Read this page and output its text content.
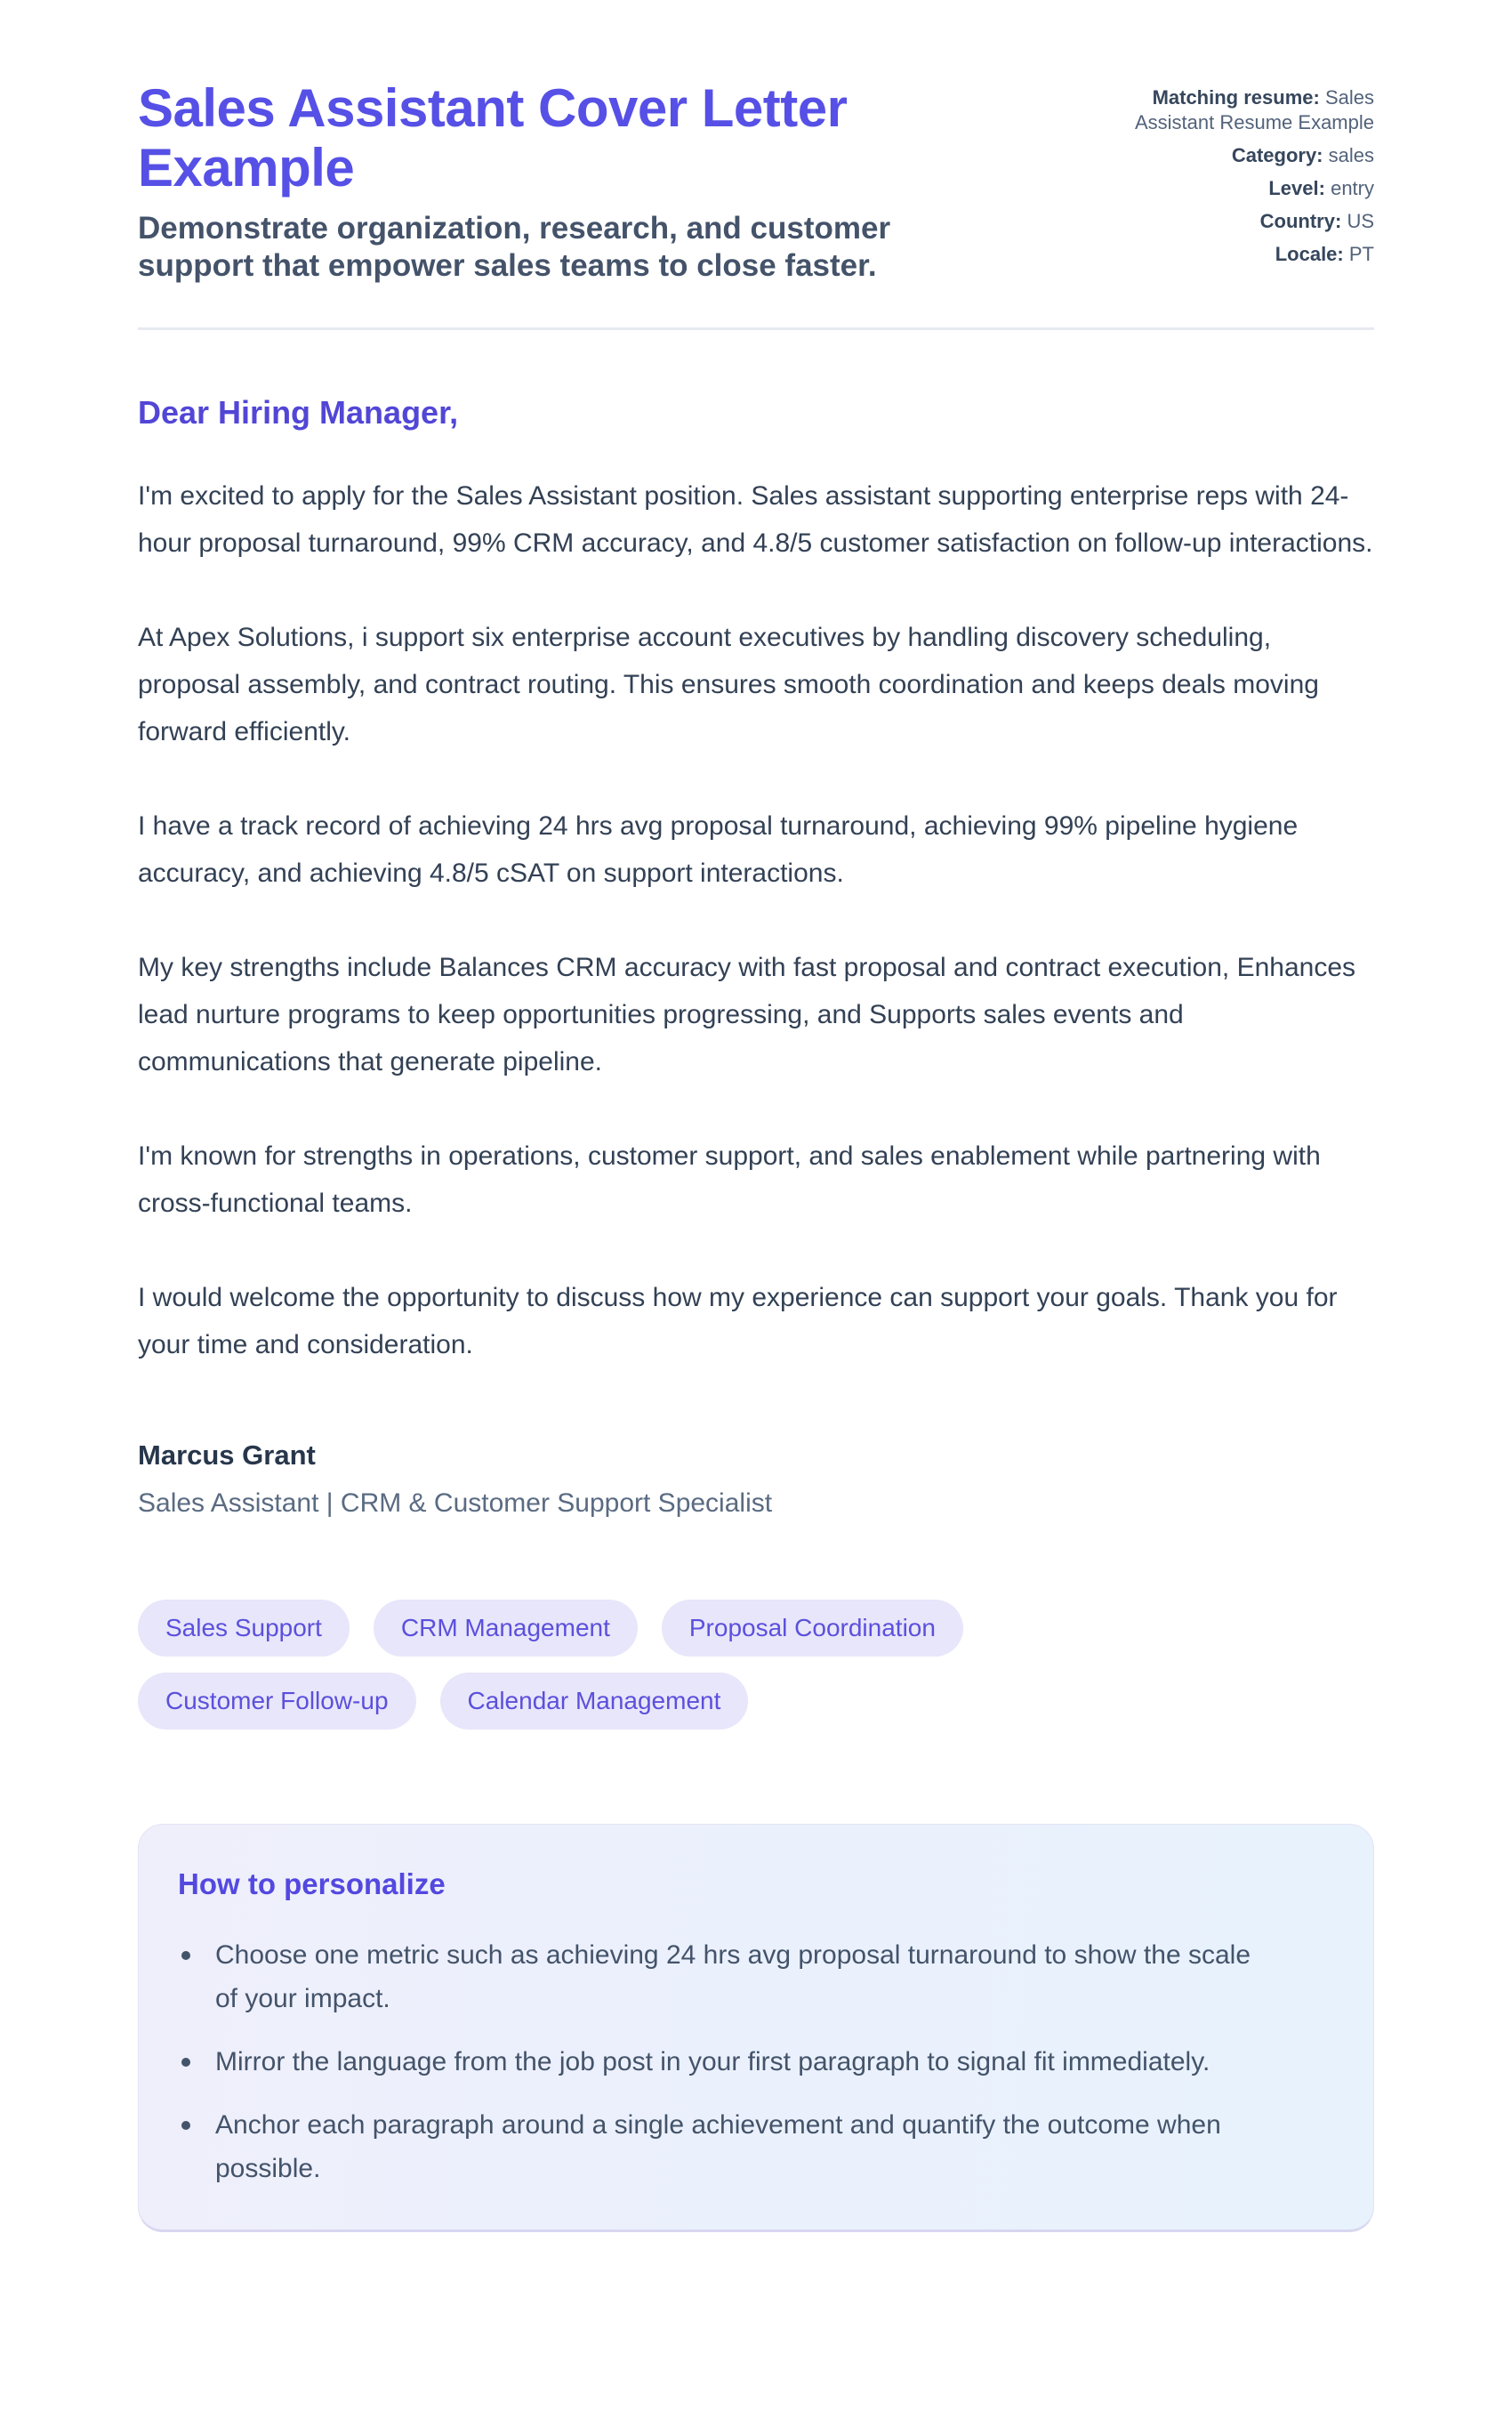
Sales Assistant Cover Letter Example
Demonstrate organization, research, and customer support that empower sales teams to close faster.
Matching resume: Sales Assistant Resume Example
Category: sales
Level: entry
Country: US
Locale: PT
Dear Hiring Manager,

I'm excited to apply for the Sales Assistant position. Sales assistant supporting enterprise reps with 24-hour proposal turnaround, 99% CRM accuracy, and 4.8/5 customer satisfaction on follow-up interactions.

At Apex Solutions, i support six enterprise account executives by handling discovery scheduling, proposal assembly, and contract routing. This ensures smooth coordination and keeps deals moving forward efficiently.

I have a track record of achieving 24 hrs avg proposal turnaround, achieving 99% pipeline hygiene accuracy, and achieving 4.8/5 cSAT on support interactions.

My key strengths include Balances CRM accuracy with fast proposal and contract execution, Enhances lead nurture programs to keep opportunities progressing, and Supports sales events and communications that generate pipeline.

I'm known for strengths in operations, customer support, and sales enablement while partnering with cross-functional teams.

I would welcome the opportunity to discuss how my experience can support your goals. Thank you for your time and consideration.

Marcus Grant
Sales Assistant | CRM & Customer Support Specialist
Sales Support	CRM Management	Proposal Coordination
Customer Follow-up	Calendar Management
How to personalize
Choose one metric such as achieving 24 hrs avg proposal turnaround to show the scale of your impact.
Mirror the language from the job post in your first paragraph to signal fit immediately.
Anchor each paragraph around a single achievement and quantify the outcome when possible.
